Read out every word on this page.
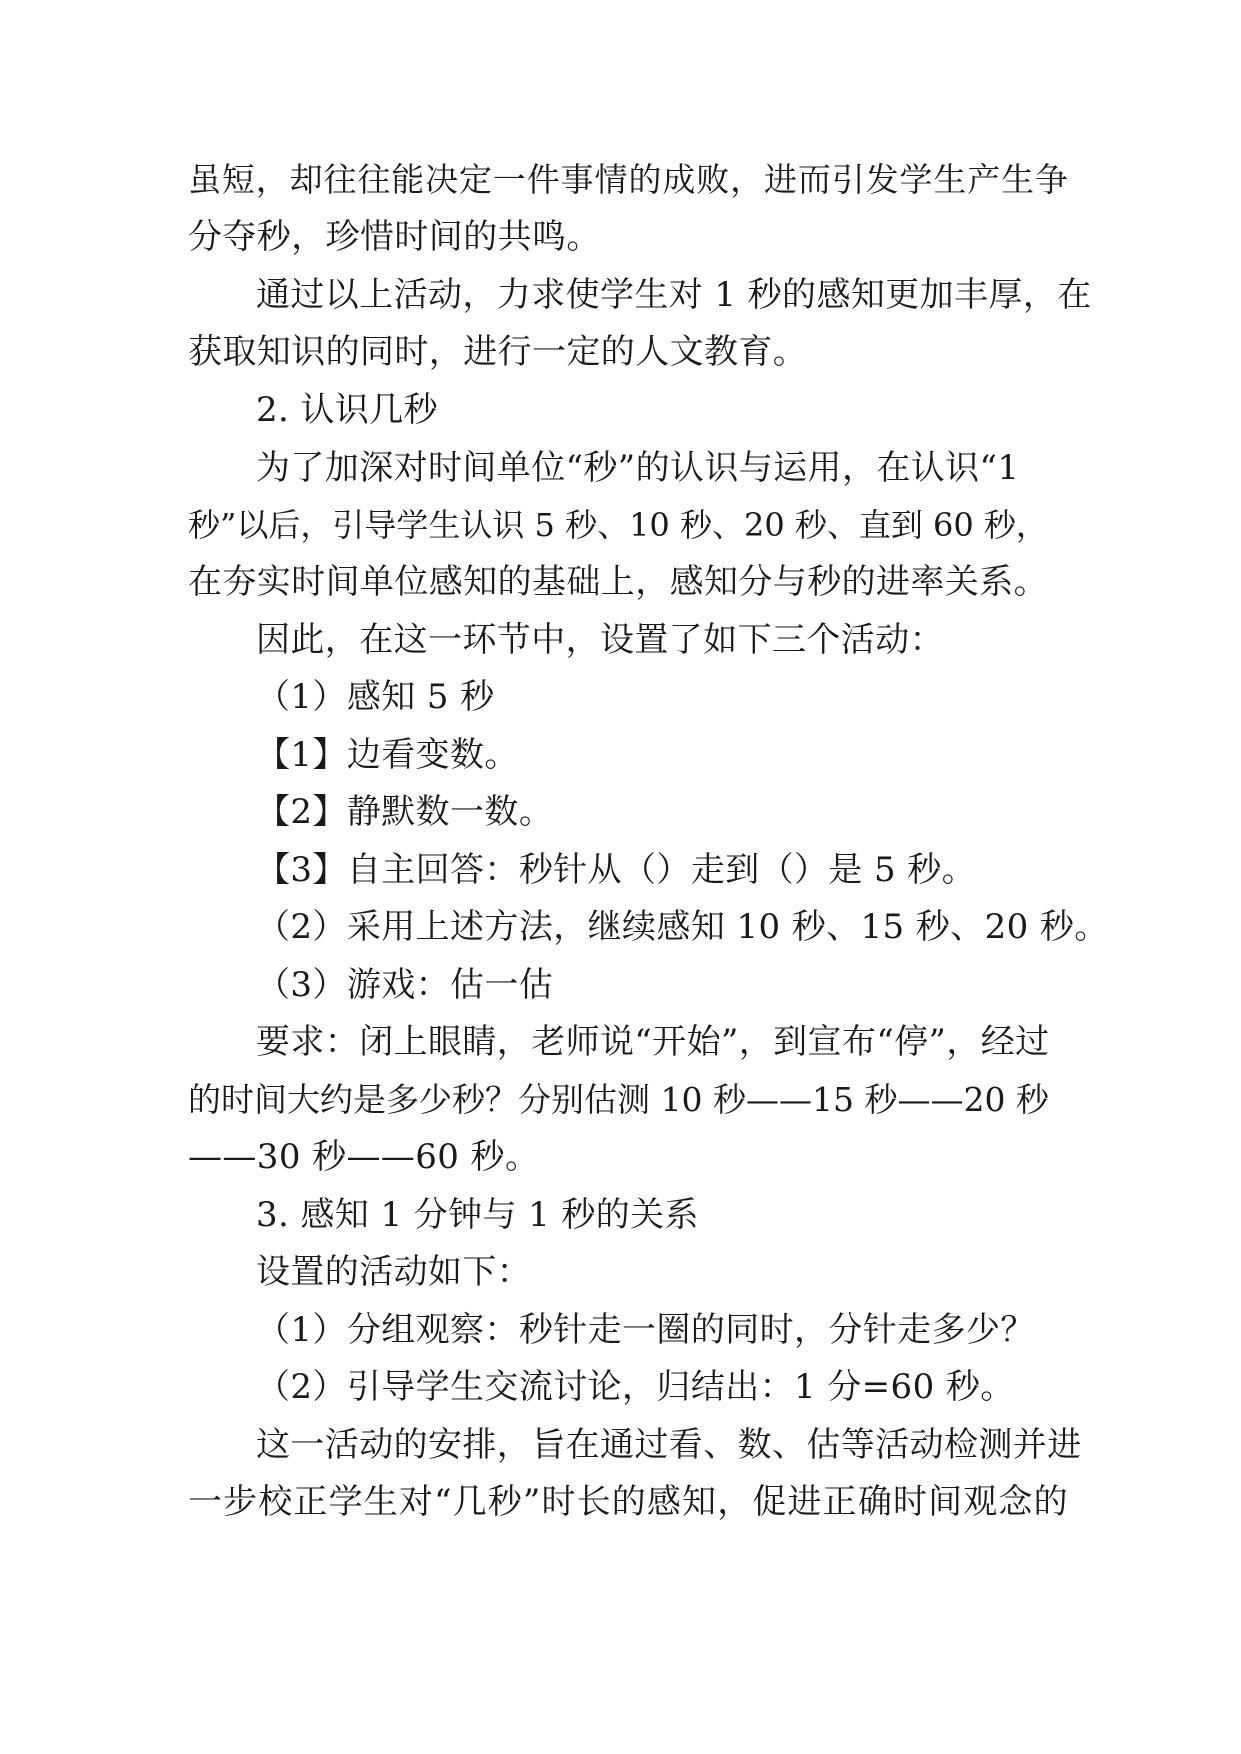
虽短，却往往能决定一件事情的成败，进而引发学生产生争
分夺秒，珍惜时间的共鸣。
通过以上活动，力求使学生对 1 秒的感知更加丰厚，在
获取知识的同时，进行一定的人文教育。
2. 认识几秒
为了加深对时间单位“秒”的认识与运用，在认识“1
秒”以后，引导学生认识 5 秒、10 秒、20 秒、直到 60 秒，
在夯实时间单位感知的基础上，感知分与秒的进率关系。
因此，在这一环节中，设置了如下三个活动：
（1）感知 5 秒
【1】边看变数。
【2】静默数一数。
【3】自主回答：秒针从（）走到（）是 5 秒。
（2）采用上述方法，继续感知 10 秒、15 秒、20 秒。
（3）游戏：估一估
要求：闭上眼睛，老师说“开始”，到宣布“停”，经过
的时间大约是多少秒？分别估测 10 秒——15 秒——20 秒
——30 秒——60 秒。
3. 感知 1 分钟与 1 秒的关系
设置的活动如下：
（1）分组观察：秒针走一圈的同时，分针走多少？
（2）引导学生交流讨论，归结出：1 分=60 秒。
这一活动的安排，旨在通过看、数、估等活动检测并进
一步校正学生对“几秒”时长的感知，促进正确时间观念的
